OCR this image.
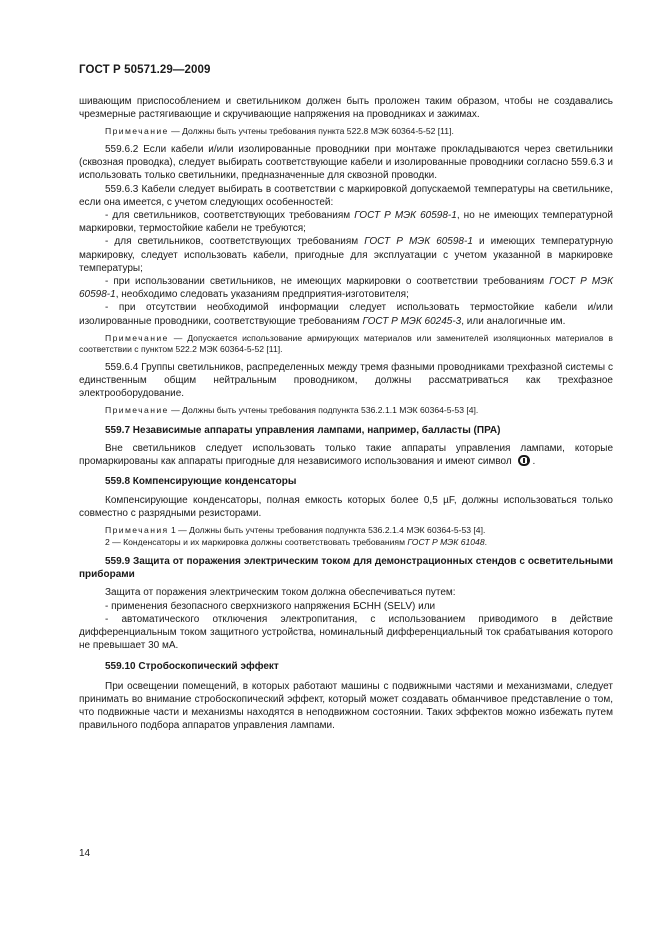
ГОСТ Р 50571.29—2009

шивающим приспособлением и светильником должен быть проложен таким образом, чтобы не создавались чрезмерные растягивающие и скручивающие напряжения на проводниках и зажимах.

Примечание — Должны быть учтены требования пункта 522.8 МЭК 60364-5-52 [11].

559.6.2 Если кабели и/или изолированные проводники при монтаже прокладываются через светильники (сквозная проводка), следует выбирать соответствующие кабели и изолированные проводники согласно 559.6.3 и использовать только светильники, предназначенные для сквозной проводки.

559.6.3 Кабели следует выбирать в соответствии с маркировкой допускаемой температуры на светильнике, если она имеется, с учетом следующих особенностей:

- для светильников, соответствующих требованиям ГОСТ Р МЭК 60598-1, но не имеющих температурной маркировки, термостойкие кабели не требуются;

- для светильников, соответствующих требованиям ГОСТ Р МЭК 60598-1 и имеющих температурную маркировку, следует использовать кабели, пригодные для эксплуатации с учетом указанной в маркировке температуры;

- при использовании светильников, не имеющих маркировки о соответствии требованиям ГОСТ Р МЭК 60598-1, необходимо следовать указаниям предприятия-изготовителя;

- при отсутствии необходимой информации следует использовать термостойкие кабели и/или изолированные проводники, соответствующие требованиям ГОСТ Р МЭК 60245-3, или аналогичные им.

Примечание — Допускается использование армирующих материалов или заменителей изоляционных материалов в соответствии с пунктом 522.2 МЭК 60364-5-52 [11].

559.6.4 Группы светильников, распределенных между тремя фазными проводниками трехфазной системы с единственным общим нейтральным проводником, должны рассматриваться как трехфазное электрооборудование.

Примечание — Должны быть учтены требования подпункта 536.2.1.1 МЭК 60364-5-53 [4].

559.7 Независимые аппараты управления лампами, например, балласты (ПРА)

Вне светильников следует использовать только такие аппараты управления лампами, которые промаркированы как аппараты пригодные для независимого использования и имеют символ .

559.8 Компенсирующие конденсаторы

Компенсирующие конденсаторы, полная емкость которых более 0,5 µF, должны использоваться только совместно с разрядными резисторами.

Примечания 1 — Должны быть учтены требования подпункта 536.2.1.4 МЭК 60364-5-53 [4].

2 — Конденсаторы и их маркировка должны соответствовать требованиям ГОСТ Р МЭК 61048.

559.9 Защита от поражения электрическим током для демонстрационных стендов с осветительными приборами

Защита от поражения электрическим током должна обеспечиваться путем:

- применения безопасного сверхнизкого напряжения БСНН (SELV) или

- автоматического отключения электропитания, с использованием приводимого в действие дифференциальным током защитного устройства, номинальный дифференциальный ток срабатывания которого не превышает 30 мА.

559.10 Стробоскопический эффект

При освещении помещений, в которых работают машины с подвижными частями и механизмами, следует принимать во внимание стробоскопический эффект, который может создавать обманчивое представление о том, что подвижные части и механизмы находятся в неподвижном состоянии. Таких эффектов можно избежать путем правильного подбора аппаратов управления лампами.

14
